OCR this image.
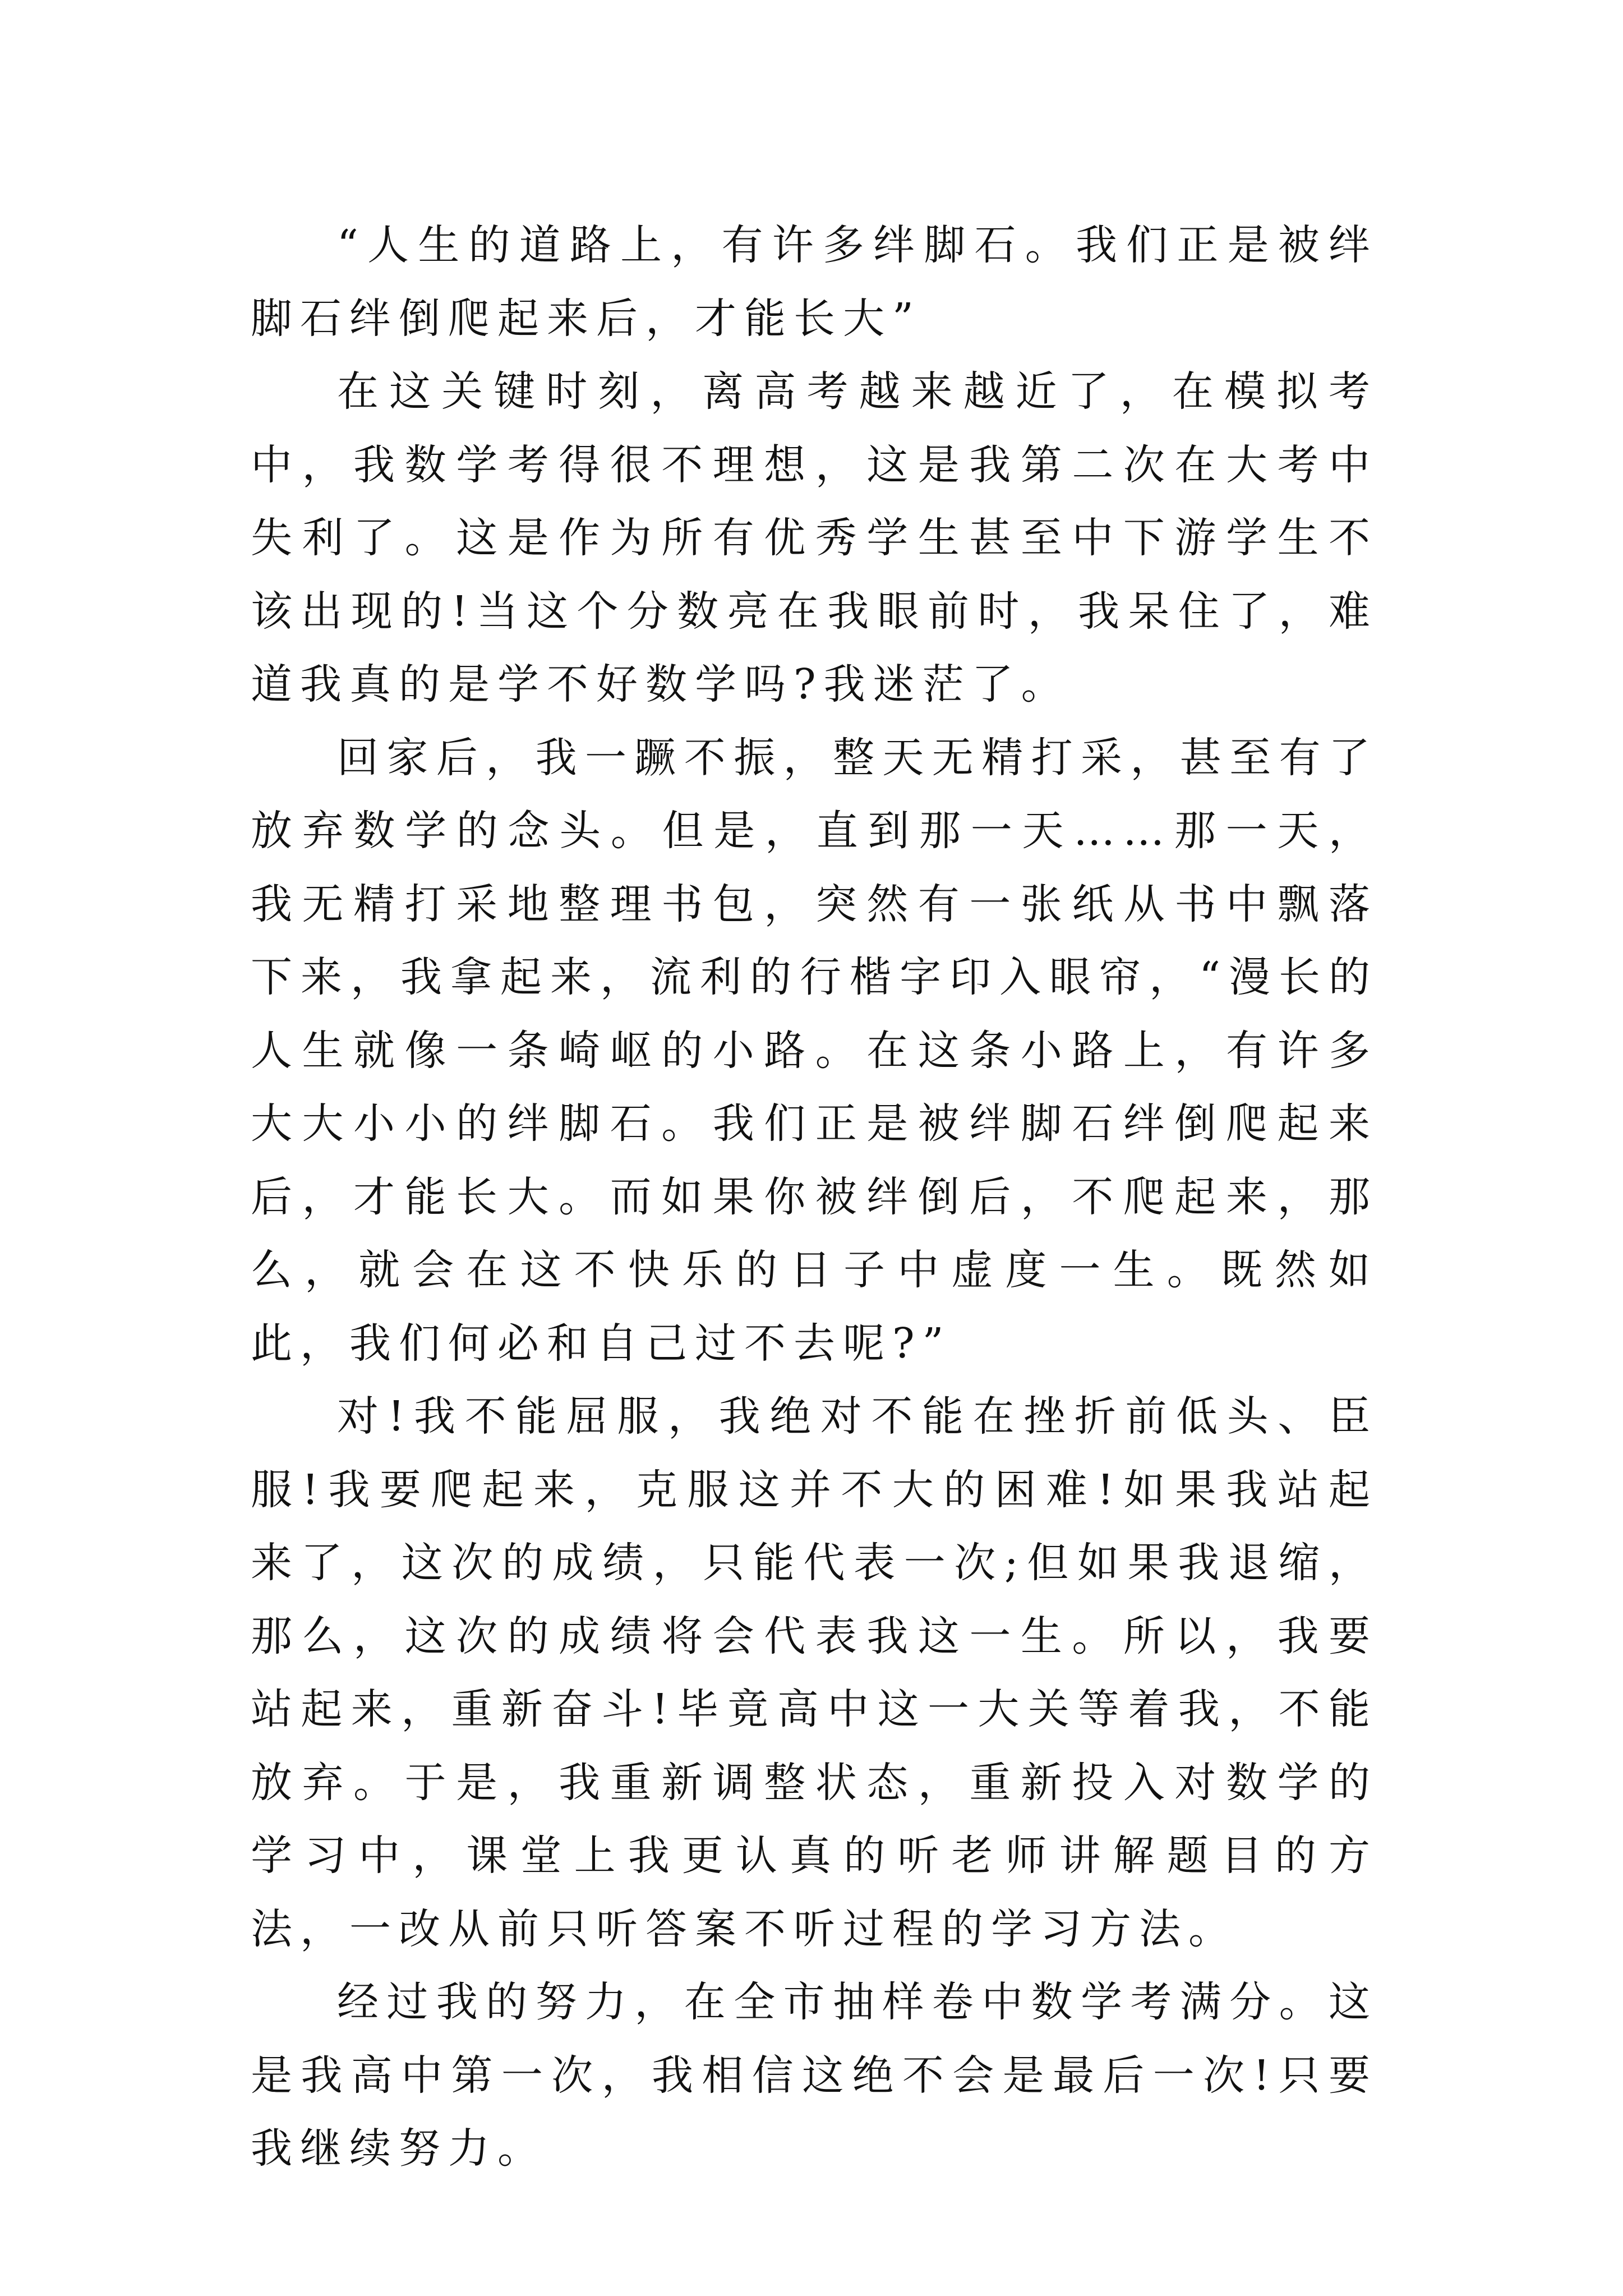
“人生的道路上，有许多绊脚石。我们正是被绊脚石绊倒爬起来后，才能长大”

在这关键时刻，离高考越来越近了，在模拟考中，我数学考得很不理想，这是我第二次在大考中失利了。这是作为所有优秀学生甚至中下游学生不该出现的!当这个分数亮在我眼前时，我呆住了，难道我真的是学不好数学吗?我迷茫了。

回家后，我一蹶不振，整天无精打采，甚至有了放弃数学的念头。但是，直到那一天……那一天，我无精打采地整理书包，突然有一张纸从书中飘落下来，我拿起来，流利的行楷字印入眼帘，“漫长的人生就像一条崎岖的小路。在这条小路上，有许多大大小小的绊脚石。我们正是被绊脚石绊倒爬起来后，才能长大。而如果你被绊倒后，不爬起来，那么，就会在这不快乐的日子中虚度一生。既然如此，我们何必和自己过不去呢?”

对!我不能屈服，我绝对不能在挫折前低头、臣服!我要爬起来，克服这并不大的困难!如果我站起来了，这次的成绩，只能代表一次;但如果我退缩，那么，这次的成绩将会代表我这一生。所以，我要站起来，重新奋斗!毕竟高中这一大关等着我，不能放弃。于是，我重新调整状态，重新投入对数学的学习中，课堂上我更认真的听老师讲解题目的方法，一改从前只听答案不听过程的学习方法。

经过我的努力，在全市抽样卷中数学考满分。这是我高中第一次，我相信这绝不会是最后一次!只要我继续努力。
